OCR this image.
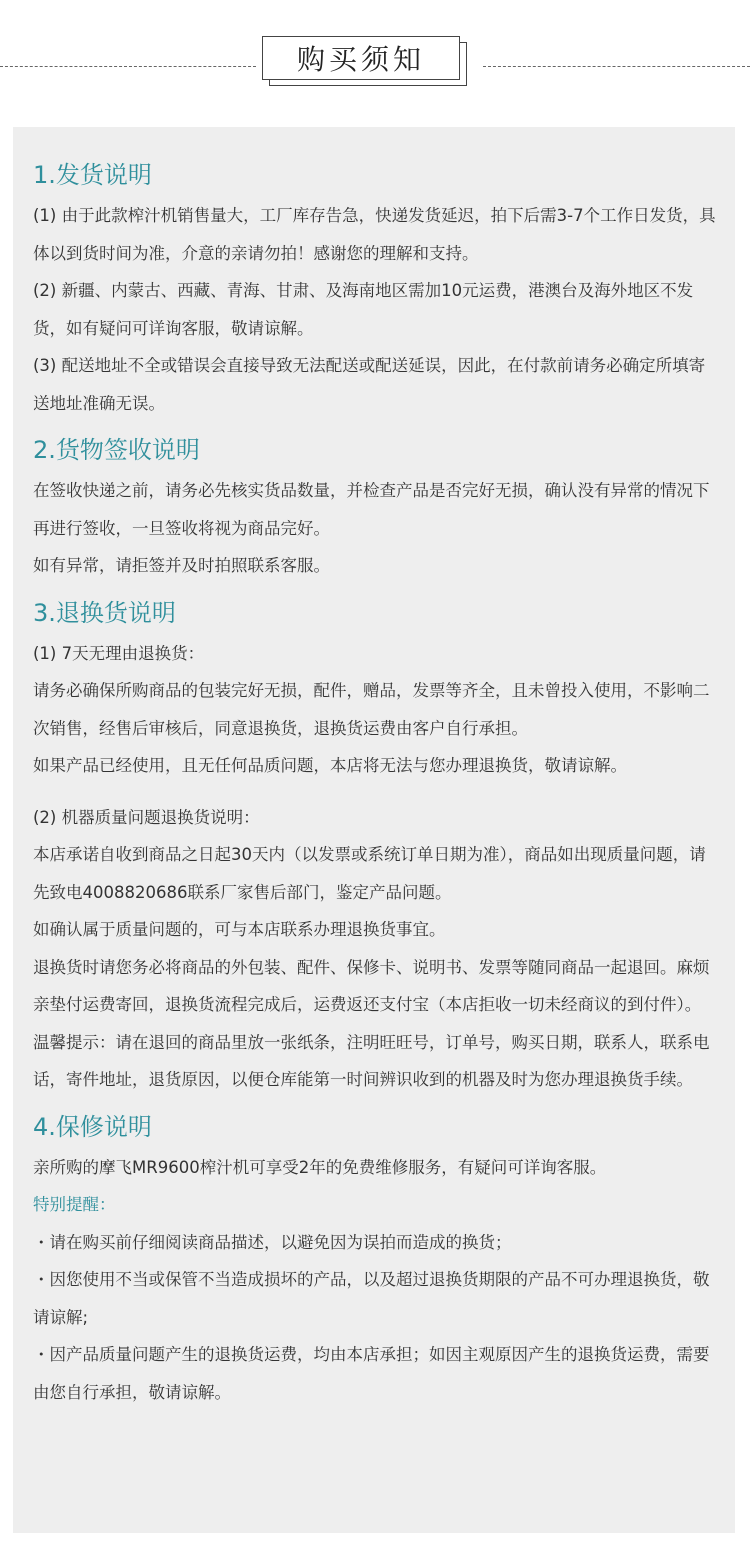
购买须知
1.发货说明

(1) 由于此款榨汁机销售量大，工厂库存告急，快递发货延迟，拍下后需3-7个工作日发货，具体以到货时间为准，介意的亲请勿拍！感谢您的理解和支持。

(2) 新疆、内蒙古、西藏、青海、甘肃、及海南地区需加10元运费，港澳台及海外地区不发货，如有疑问可详询客服，敬请谅解。

(3) 配送地址不全或错误会直接导致无法配送或配送延误，因此，在付款前请务必确定所填寄送地址准确无误。

2.货物签收说明

在签收快递之前，请务必先核实货品数量，并检查产品是否完好无损，确认没有异常的情况下再进行签收，一旦签收将视为商品完好。

如有异常，请拒签并及时拍照联系客服。

3.退换货说明

(1) 7天无理由退换货：

请务必确保所购商品的包装完好无损，配件，赠品，发票等齐全，且未曾投入使用，不影响二次销售，经售后审核后，同意退换货，退换货运费由客户自行承担。

如果产品已经使用，且无任何品质问题，本店将无法与您办理退换货，敬请谅解。

(2) 机器质量问题退换货说明：

本店承诺自收到商品之日起30天内（以发票或系统订单日期为准），商品如出现质量问题，请先致电4008820686联系厂家售后部门，鉴定产品问题。

如确认属于质量问题的，可与本店联系办理退换货事宜。

退换货时请您务必将商品的外包装、配件、保修卡、说明书、发票等随同商品一起退回。麻烦亲垫付运费寄回，退换货流程完成后，运费返还支付宝（本店拒收一切未经商议的到付件）。

温馨提示：请在退回的商品里放一张纸条，注明旺旺号，订单号，购买日期，联系人，联系电话，寄件地址，退货原因，以便仓库能第一时间辨识收到的机器及时为您办理退换货手续。

4.保修说明

亲所购的摩飞MR9600榨汁机可享受2年的免费维修服务，有疑问可详询客服。

特别提醒：

・请在购买前仔细阅读商品描述，以避免因为误拍而造成的换货；

・因您使用不当或保管不当造成损坏的产品，以及超过退换货期限的产品不可办理退换货，敬请谅解;

・因产品质量问题产生的退换货运费，均由本店承担；如因主观原因产生的退换货运费，需要由您自行承担，敬请谅解。
